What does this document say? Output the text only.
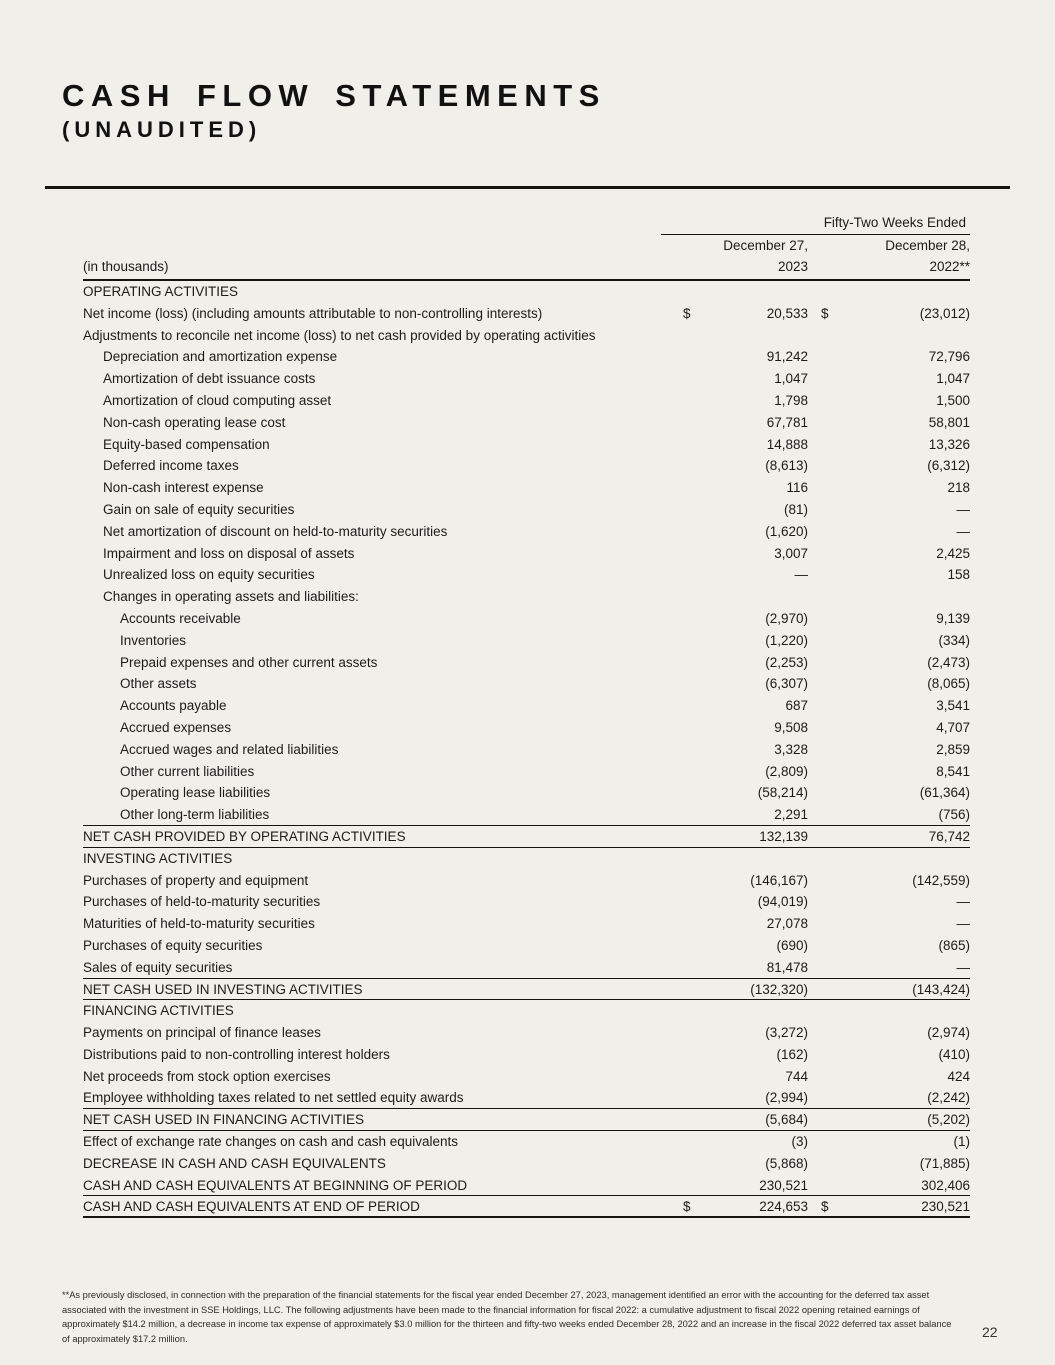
CASH FLOW STATEMENTS
(UNAUDITED)
Fifty-Two Weeks Ended
(in thousands)
December 27,
2023
December 28,
2022**
OPERATING ACTIVITIES
Net income (loss) (including amounts attributable to non-controlling interests)	$	20,533 $	(23,012)
Adjustments to reconcile net income (loss) to net cash provided by operating activities
Depreciation and amortization expense	91,242	72,796
Amortization of debt issuance costs	1,047	1,047
Amortization of cloud computing asset	1,798	1,500
Non-cash operating lease cost	67,781	58,801
Equity-based compensation	14,888	13,326
Deferred income taxes	(8,613)	(6,312)
Non-cash interest expense	116	218
Gain on sale of equity securities	(81)	—
Net amortization of discount on held-to-maturity securities	(1,620)	—
Impairment and loss on disposal of assets	3,007	2,425
Unrealized loss on equity securities	—	158
Changes in operating assets and liabilities:
Accounts receivable	(2,970)	9,139
Inventories	(1,220)	(334)
Prepaid expenses and other current assets	(2,253)	(2,473)
Other assets	(6,307)	(8,065)
Accounts payable	687	3,541
Accrued expenses	9,508	4,707
Accrued wages and related liabilities	3,328	2,859
Other current liabilities	(2,809)	8,541
Operating lease liabilities	(58,214)	(61,364)
Other long-term liabilities	2,291	(756)
NET CASH PROVIDED BY OPERATING ACTIVITIES	132,139	76,742
INVESTING ACTIVITIES
Purchases of property and equipment	(146,167)	(142,559)
Purchases of held-to-maturity securities	(94,019)	—
Maturities of held-to-maturity securities	27,078	—
Purchases of equity securities	(690)	(865)
Sales of equity securities	81,478	—
NET CASH USED IN INVESTING ACTIVITIES	(132,320)	(143,424)
FINANCING ACTIVITIES
Payments on principal of finance leases	(3,272)	(2,974)
Distributions paid to non-controlling interest holders	(162)	(410)
Net proceeds from stock option exercises	744	424
Employee withholding taxes related to net settled equity awards	(2,994)	(2,242)
NET CASH USED IN FINANCING ACTIVITIES	(5,684)	(5,202)
Effect of exchange rate changes on cash and cash equivalents	(3)	(1)
DECREASE IN CASH AND CASH EQUIVALENTS	(5,868)	(71,885)
CASH AND CASH EQUIVALENTS AT BEGINNING OF PERIOD	230,521	302,406
CASH AND CASH EQUIVALENTS AT END OF PERIOD	$	224,653 $	230,521
**As previously disclosed, in connection with the preparation of the financial statements for the fiscal year ended December 27, 2023, management identified an error with the accounting for the deferred tax asset associated with the investment in SSE Holdings, LLC. The following adjustments have been made to the financial information for fiscal 2022: a cumulative adjustment to fiscal 2022 opening retained earnings of approximately $14.2 million, a decrease in income tax expense of approximately $3.0 million for the thirteen and fifty-two weeks ended December 28, 2022 and an increase in the fiscal 2022 deferred tax asset balance of approximately $17.2 million.	22
